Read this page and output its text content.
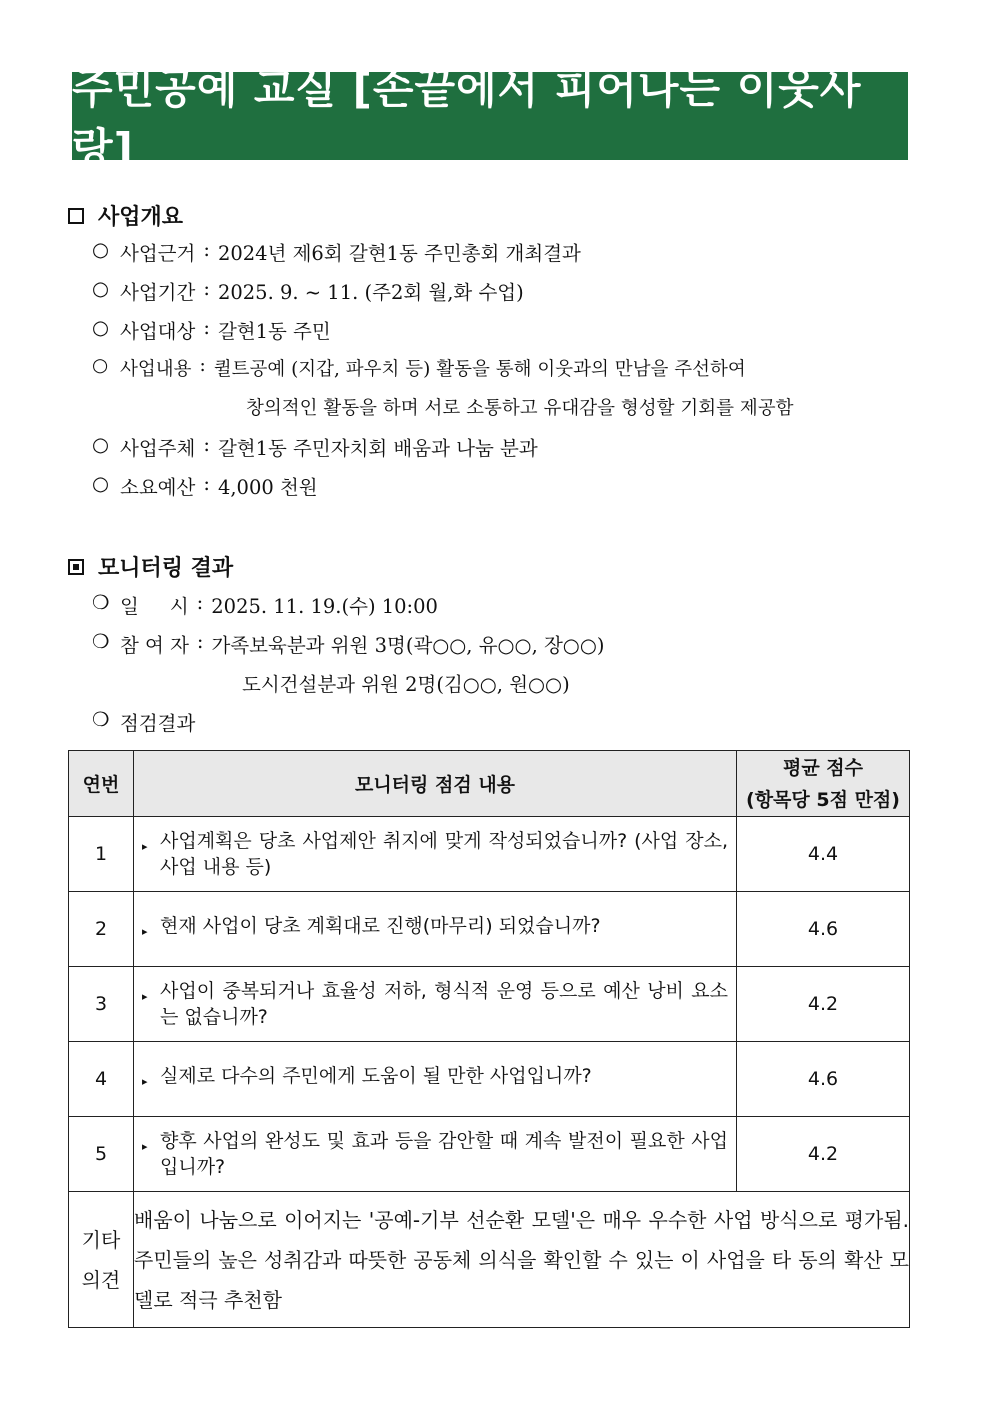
주민공예 교실 [손끝에서 피어나는 이웃사랑]
사업개요
○ 사업근거 : 2024년 제6회 갈현1동 주민총회 개최결과
○ 사업기간 : 2025. 9. ~ 11. (주2회 월,화 수업)
○ 사업대상 : 갈현1동 주민
○ 사업내용 : 퀼트공예 (지갑, 파우치 등) 활동을 통해 이웃과의 만남을 주선하여
창의적인 활동을 하며 서로 소통하고 유대감을 형성할 기회를 제공함
○ 사업주체 : 갈현1동 주민자치회 배움과 나눔 분과
○ 소요예산 : 4,000 천원
모니터링 결과
❍ 일     시 : 2025. 11. 19.(수) 10:00
❍ 참 여 자 : 가족보육분과 위원 3명(곽○○, 유○○, 장○○)
도시건설분과 위원 2명(김○○, 원○○)
❍ 점검결과
연번	모니터링 점검 내용	평균 점수
(항목당 5점 만점)

1	▸ 사업계획은 당초 사업제안 취지에 맞게 작성되었습니까? (사업 장소, 사업 내용 등)	4.4
2	▸ 현재 사업이 당초 계획대로 진행(마무리) 되었습니까?	4.6
3	▸ 사업이 중복되거나 효율성 저하, 형식적 운영 등으로 예산 낭비 요소는 없습니까?	4.2
4	▸ 실제로 다수의 주민에게 도움이 될 만한 사업입니까?	4.6
5	▸ 향후 사업의 완성도 및 효과 등을 감안할 때 계속 발전이 필요한 사업입니까?	4.2

기타
의견	배움이 나눔으로 이어지는 '공예-기부 선순환 모델'은 매우 우수한 사업 방식으로 평가됨. 주민들의 높은 성취감과 따뜻한 공동체 의식을 확인할 수 있는 이 사업을 타 동의 확산 모델로 적극 추천함	
